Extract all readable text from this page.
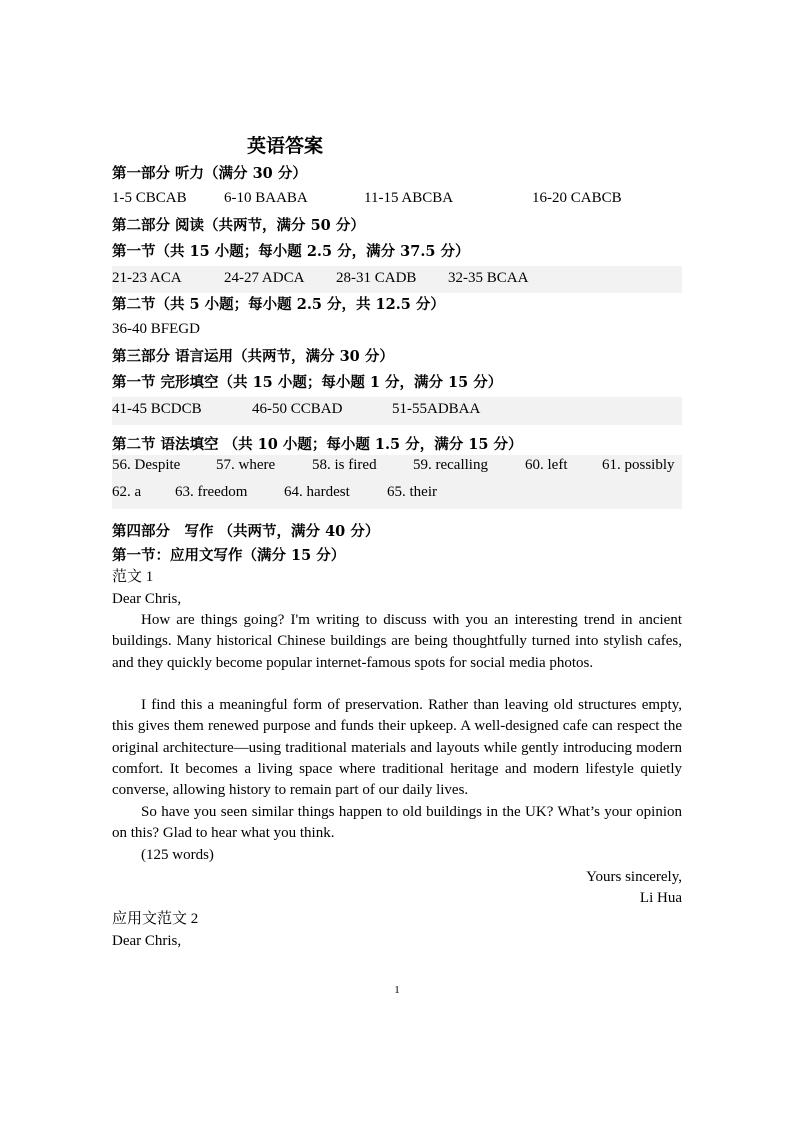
英语答案
第一部分 听力（满分 30 分）
1-5 CBCAB 6-10 BAABA	11-15 ABCBA	16-20 CABCB
第二部分 阅读（共两节，满分 50 分）
第一节（共 15 小题；每小题 2.5 分，满分 37.5 分）
21-23 ACA	24-27 ADCA 28-31 CADB 32-35 BCAA
第二节（共 5 小题；每小题 2.5 分，共 12.5 分）
36-40 BFEGD
第三部分 语言运用（共两节，满分 30 分）
第一节 完形填空（共 15 小题；每小题 1 分，满分 15 分）
41-45 BCDCB	46-50 CCBAD	51-55ADBAA
第二节 语法填空 （共 10 小题；每小题 1.5 分，满分 15 分）
56. Despite 57. where 58. is fired 59. recalling 60. left 61. possibly
62. a 63. freedom 64. hardest 65. their
第四部分　写作 （共两节，满分 40 分）
第一节：应用文写作（满分 15 分）
范文 1
Dear Chris,
How are things going? I'm writing to discuss with you an interesting trend in ancient buildings. Many historical Chinese buildings are being thoughtfully turned into stylish cafes, and they quickly become popular internet-famous spots for social media photos.
I find this a meaningful form of preservation. Rather than leaving old structures empty, this gives them renewed purpose and funds their upkeep. A well-designed cafe can respect the original architecture—using traditional materials and layouts while gently introducing modern comfort. It becomes a living space where traditional heritage and modern lifestyle quietly converse, allowing history to remain part of our daily lives.
So have you seen similar things happen to old buildings in the UK? What’s your opinion on this? Glad to hear what you think.
(125 words)
Yours sincerely,
Li Hua
应用文范文 2
Dear Chris,
1
